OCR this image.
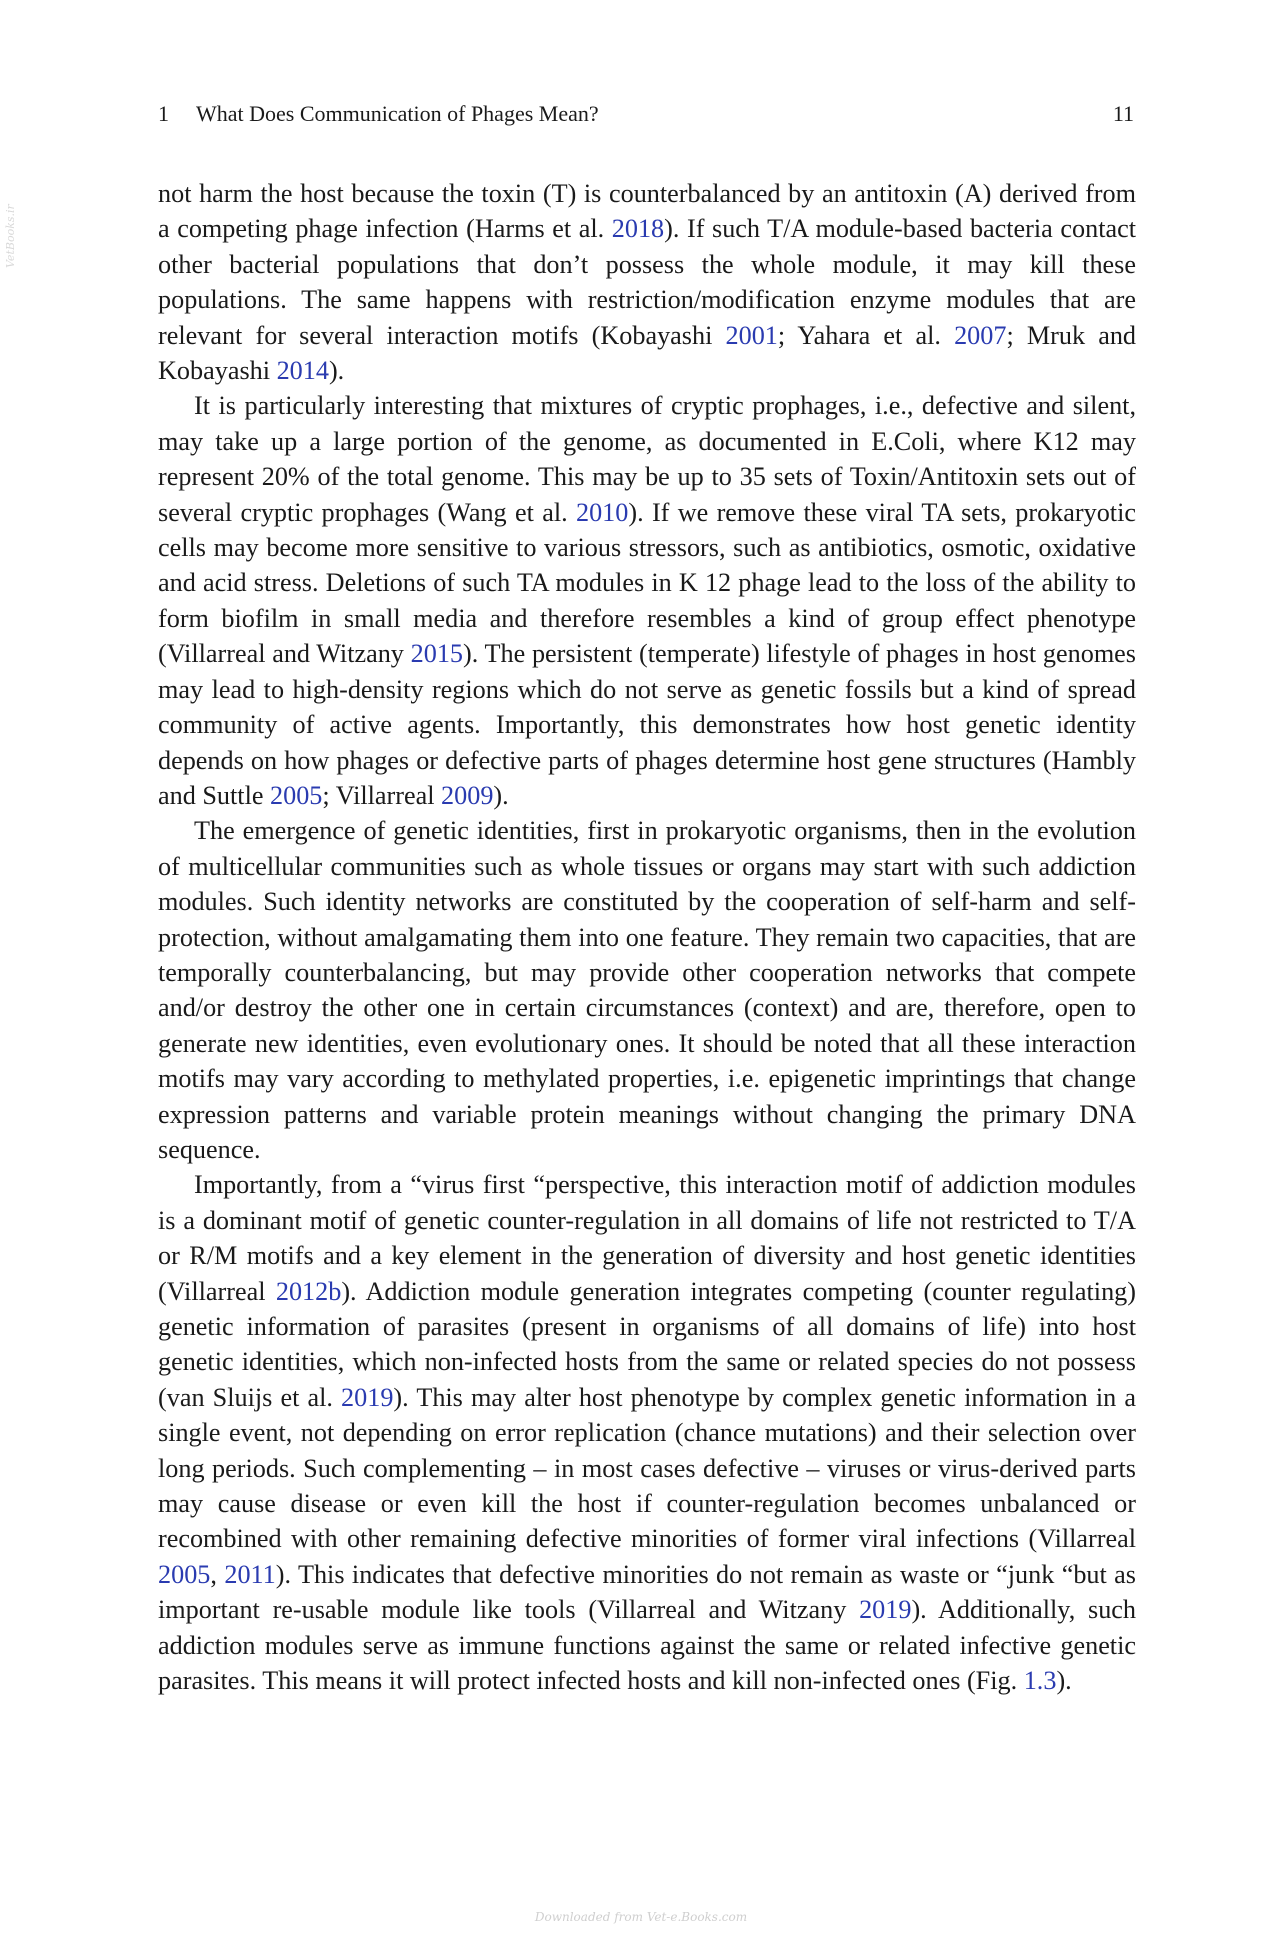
VetBooks.ir
1 What Does Communication of Phages Mean?	11

not harm the host because the toxin (T) is counterbalanced by an antitoxin (A) derived from a competing phage infection (Harms et al. 2018). If such T/A module-based bacteria contact other bacterial populations that don’t possess the whole module, it may kill these populations. The same happens with restriction/modification enzyme modules that are relevant for several interaction motifs (Kobayashi 2001; Yahara et al. 2007; Mruk and Kobayashi 2014).

It is particularly interesting that mixtures of cryptic prophages, i.e., defective and silent, may take up a large portion of the genome, as documented in E.Coli, where K12 may represent 20% of the total genome. This may be up to 35 sets of Toxin/​Antitoxin sets out of several cryptic prophages (Wang et al. 2010). If we remove these viral TA sets, prokaryotic cells may become more sensitive to various stressors, such as antibiotics, osmotic, oxidative and acid stress. Deletions of such TA modules in K 12 phage lead to the loss of the ability to form biofilm in small media and therefore resembles a kind of group effect phenotype (Villarreal and Witzany 2015). The persistent (temperate) lifestyle of phages in host genomes may lead to high-density regions which do not serve as genetic fossils but a kind of spread community of active agents. Importantly, this demonstrates how host genetic identity depends on how phages or defective parts of phages determine host gene structures (Hambly and Suttle 2005; Villarreal 2009).

The emergence of genetic identities, first in prokaryotic organisms, then in the evolution of multicellular communities such as whole tissues or organs may start with such addiction modules. Such identity networks are constituted by the cooperation of self-harm and self-protection, without amalgamating them into one feature. They remain two capacities, that are temporally counterbalancing, but may provide other cooperation networks that compete and/or destroy the other one in certain circumstances (context) and are, therefore, open to generate new identities, even evolutionary ones. It should be noted that all these interaction motifs may vary according to methylated properties, i.e. epigenetic imprintings that change expression patterns and variable protein meanings without changing the primary DNA sequence.

Importantly, from a “virus first “perspective, this interaction motif of addiction modules is a dominant motif of genetic counter-regulation in all domains of life not restricted to T/A or R/M motifs and a key element in the generation of diversity and host genetic identities (Villarreal 2012b). Addiction module generation integrates competing (counter regulating) genetic information of parasites (present in organisms of all domains of life) into host genetic identities, which non-infected hosts from the same or related species do not possess (van Sluijs et al. 2019). This may alter host phenotype by complex genetic information in a single event, not depending on error replication (chance mutations) and their selection over long periods. Such complementing – in most cases defective – viruses or virus-derived parts may cause disease or even kill the host if counter-regulation becomes unbalanced or recombined with other remaining defective minorities of former viral infections (Villarreal 2005, 2011). This indicates that defective minorities do not remain as waste or “junk “but as important re-usable module like tools (Villarreal and Witzany 2019). Additionally, such addiction modules serve as immune functions against the same or related infective genetic parasites. This means it will protect infected hosts and kill non-infected ones (Fig. 1.3).

Downloaded from Vet-e.Books.com
